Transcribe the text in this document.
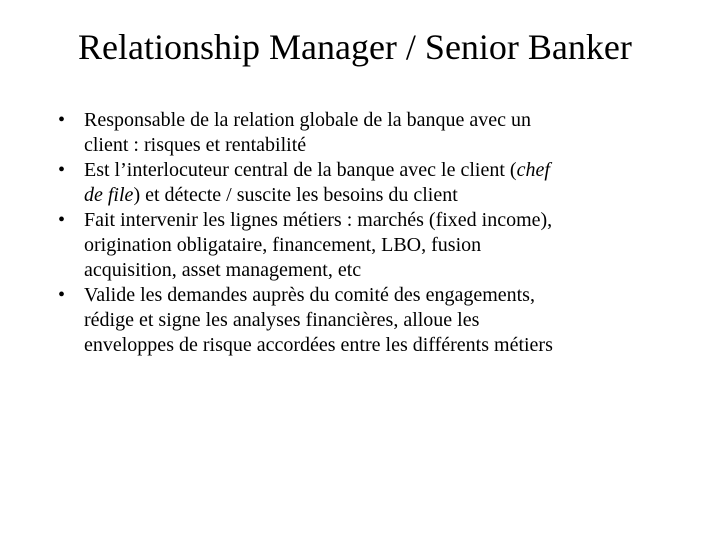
Relationship Manager / Senior Banker
• Responsable de la relation globale de la banque avec un
client : risques et rentabilité
• Est l’interlocuteur central de la banque avec le client (chef
de file) et détecte / suscite les besoins du client
• Fait intervenir les lignes métiers : marchés (fixed income),
origination obligataire, financement, LBO, fusion
acquisition, asset management, etc
• Valide les demandes auprès du comité des engagements,
rédige et signe les analyses financières, alloue les
enveloppes de risque accordées entre les différents métiers
